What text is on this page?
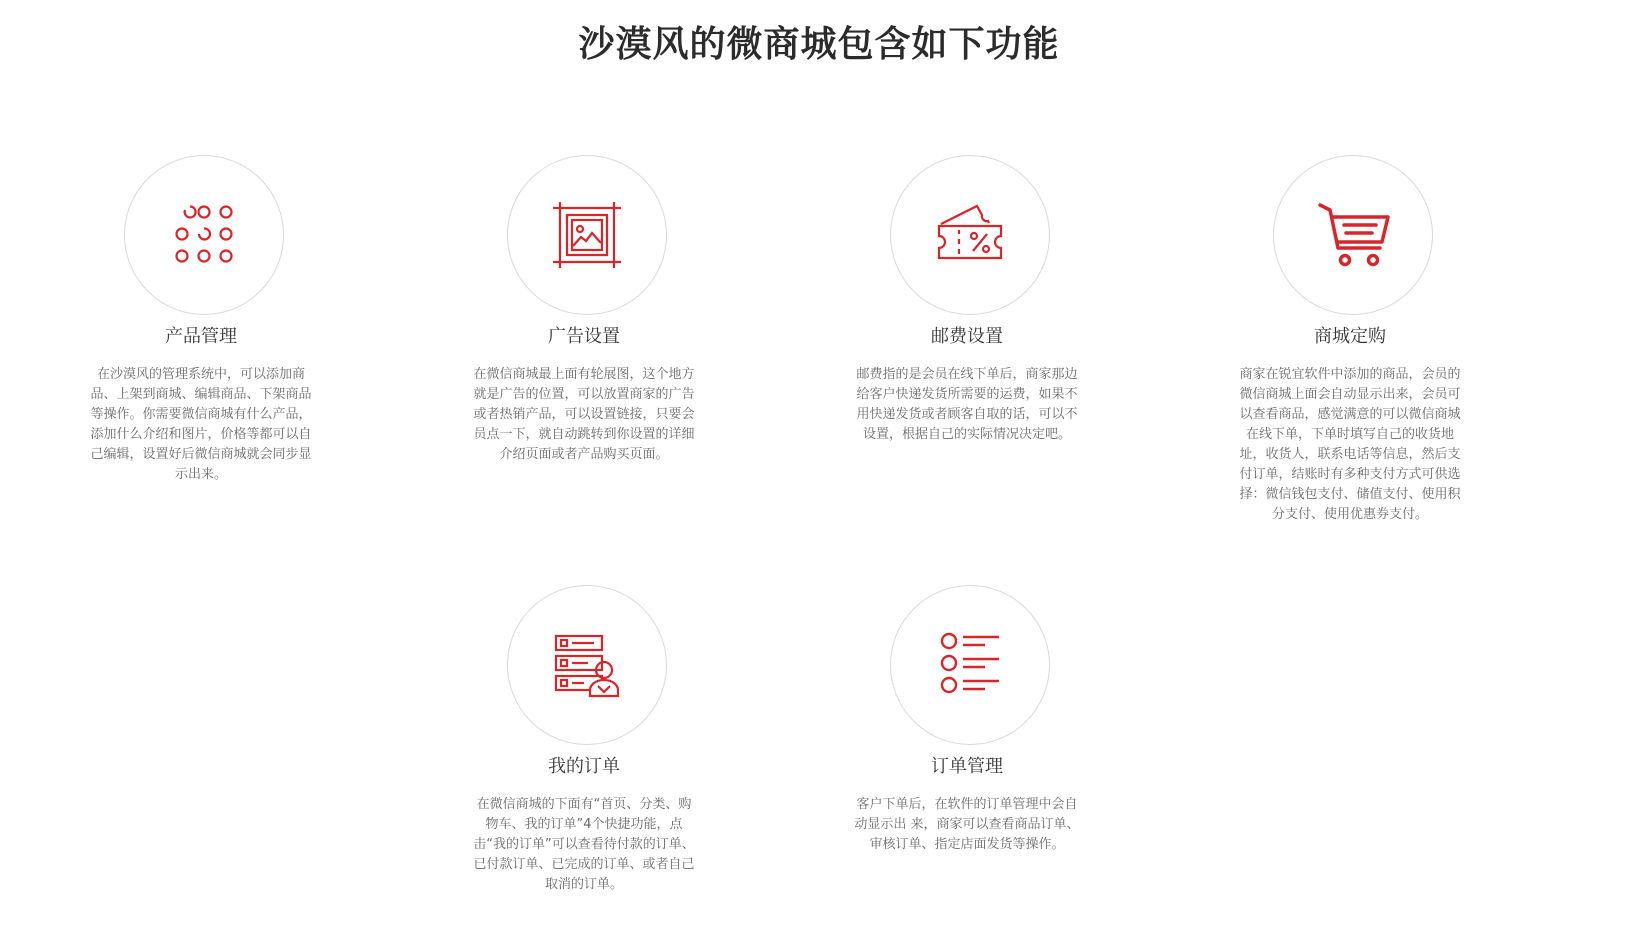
沙漠风的微商城包含如下功能
产品管理
在沙漠风的管理系统中，可以添加商品、上架到商城、编辑商品、下架商品等操作。你需要微信商城有什么产品，添加什么介绍和图片，价格等都可以自己编辑，设置好后微信商城就会同步显示出来。
广告设置
在微信商城最上面有轮展图，这个地方就是广告的位置，可以放置商家的广告或者热销产品，可以设置链接，只要会员点一下，就自动跳转到你设置的详细介绍页面或者产品购买页面。
邮费设置
邮费指的是会员在线下单后，商家那边给客户快递发货所需要的运费，如果不用快递发货或者顾客自取的话，可以不设置，根据自己的实际情况决定吧。
商城定购
商家在锐宜软件中添加的商品，会员的微信商城上面会自动显示出来，会员可以查看商品，感觉满意的可以微信商城在线下单，下单时填写自己的收货地址，收货人，联系电话等信息，然后支付订单，结账时有多种支付方式可供选择：微信钱包支付、储值支付、使用积分支付、使用优惠券支付。
我的订单
在微信商城的下面有“首页、分类、购物车、我的订单”4个快捷功能，点击“我的订单”可以查看待付款的订单、已付款订单、已完成的订单、或者自己取消的订单。
订单管理
客户下单后，在软件的订单管理中会自动显示出 来，商家可以查看商品订单、审核订单、指定店面发货等操作。
